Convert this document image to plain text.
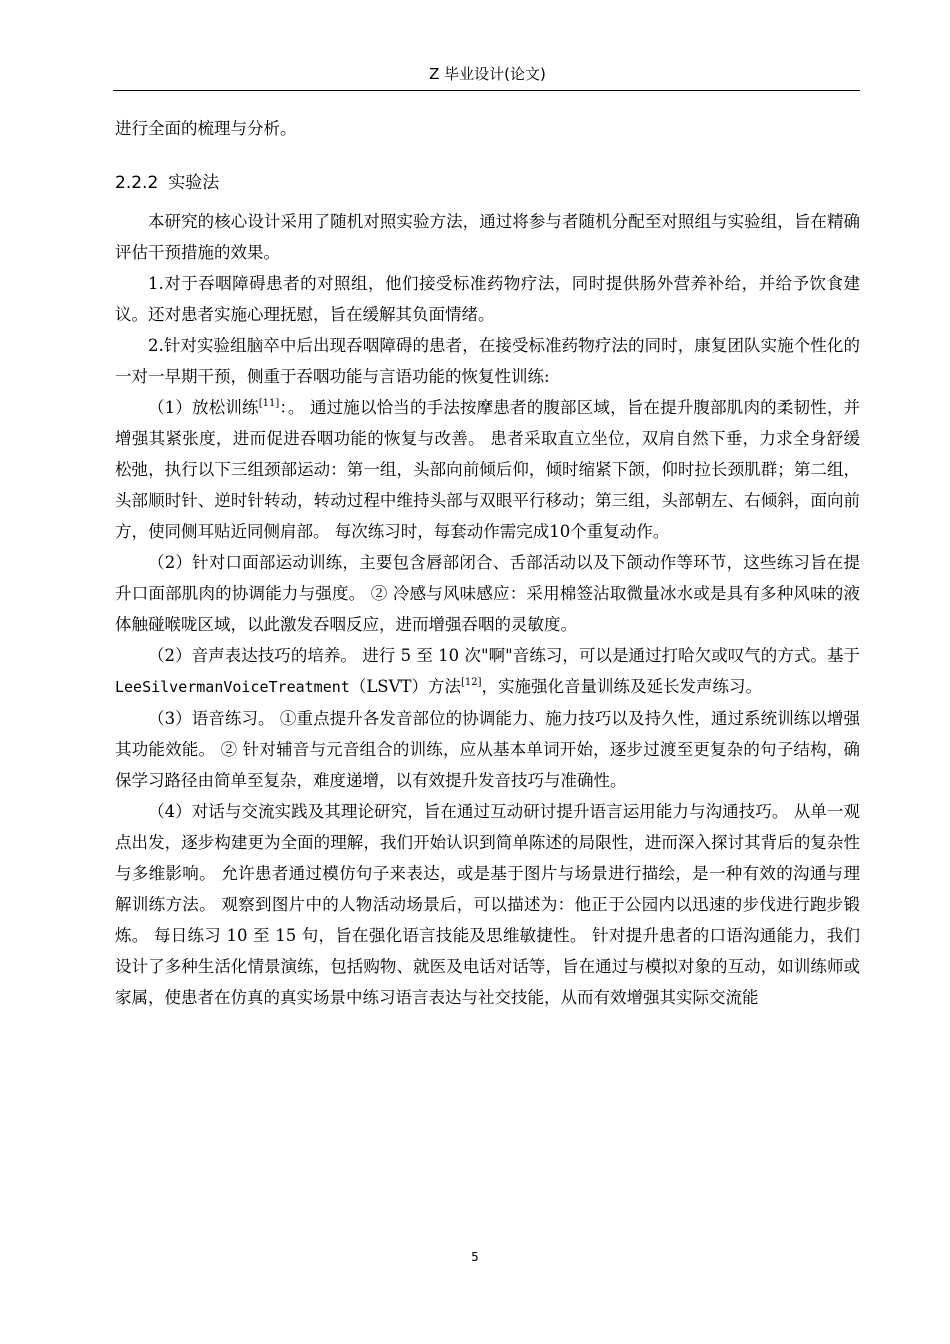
Z 毕业设计(论文)

进行全面的梳理与分析。

2.2.2 实验法

本研究的核心设计采用了随机对照实验方法，通过将参与者随机分配至对照组与实验组，旨在精确评估干预措施的效果。

1.对于吞咽障碍患者的对照组，他们接受标准药物疗法，同时提供肠外营养补给，并给予饮食建议。还对患者实施心理抚慰，旨在缓解其负面情绪。

2.针对实验组脑卒中后出现吞咽障碍的患者，在接受标准药物疗法的同时，康复团队实施个性化的一对一早期干预，侧重于吞咽功能与言语功能的恢复性训练:

（1）放松训练[11]：。 通过施以恰当的手法按摩患者的腹部区域，旨在提升腹部肌肉的柔韧性，并增强其紧张度，进而促进吞咽功能的恢复与改善。 患者采取直立坐位，双肩自然下垂，力求全身舒缓松弛，执行以下三组颈部运动：第一组，头部向前倾后仰，倾时缩紧下颌，仰时拉长颈肌群；第二组，头部顺时针、逆时针转动，转动过程中维持头部与双眼平行移动；第三组，头部朝左、右倾斜，面向前方，使同侧耳贴近同侧肩部。 每次练习时，每套动作需完成10个重复动作。

（2）针对口面部运动训练，主要包含唇部闭合、舌部活动以及下颌动作等环节，这些练习旨在提升口面部肌肉的协调能力与强度。 ② 冷感与风味感应：采用棉签沾取微量冰水或是具有多种风味的液体触碰喉咙区域，以此激发吞咽反应，进而增强吞咽的灵敏度。

（2）音声表达技巧的培养。 进行 5 至 10 次"啊"音练习，可以是通过打哈欠或叹气的方式。基于LeeSilvermanVoiceTreatment（LSVT）方法[12]，实施强化音量训练及延长发声练习。

（3）语音练习。 ①重点提升各发音部位的协调能力、施力技巧以及持久性，通过系统训练以增强其功能效能。 ② 针对辅音与元音组合的训练，应从基本单词开始，逐步过渡至更复杂的句子结构，确保学习路径由简单至复杂，难度递增，以有效提升发音技巧与准确性。

（4）对话与交流实践及其理论研究，旨在通过互动研讨提升语言运用能力与沟通技巧。 从单一观点出发，逐步构建更为全面的理解，我们开始认识到简单陈述的局限性，进而深入探讨其背后的复杂性与多维影响。 允许患者通过模仿句子来表达，或是基于图片与场景进行描绘，是一种有效的沟通与理解训练方法。 观察到图片中的人物活动场景后，可以描述为：他正于公园内以迅速的步伐进行跑步锻炼。 每日练习 10 至 15 句，旨在强化语言技能及思维敏捷性。 针对提升患者的口语沟通能力，我们设计了多种生活化情景演练，包括购物、就医及电话对话等，旨在通过与模拟对象的互动，如训练师或家属，使患者在仿真的真实场景中练习语言表达与社交技能，从而有效增强其实际交流能

5
